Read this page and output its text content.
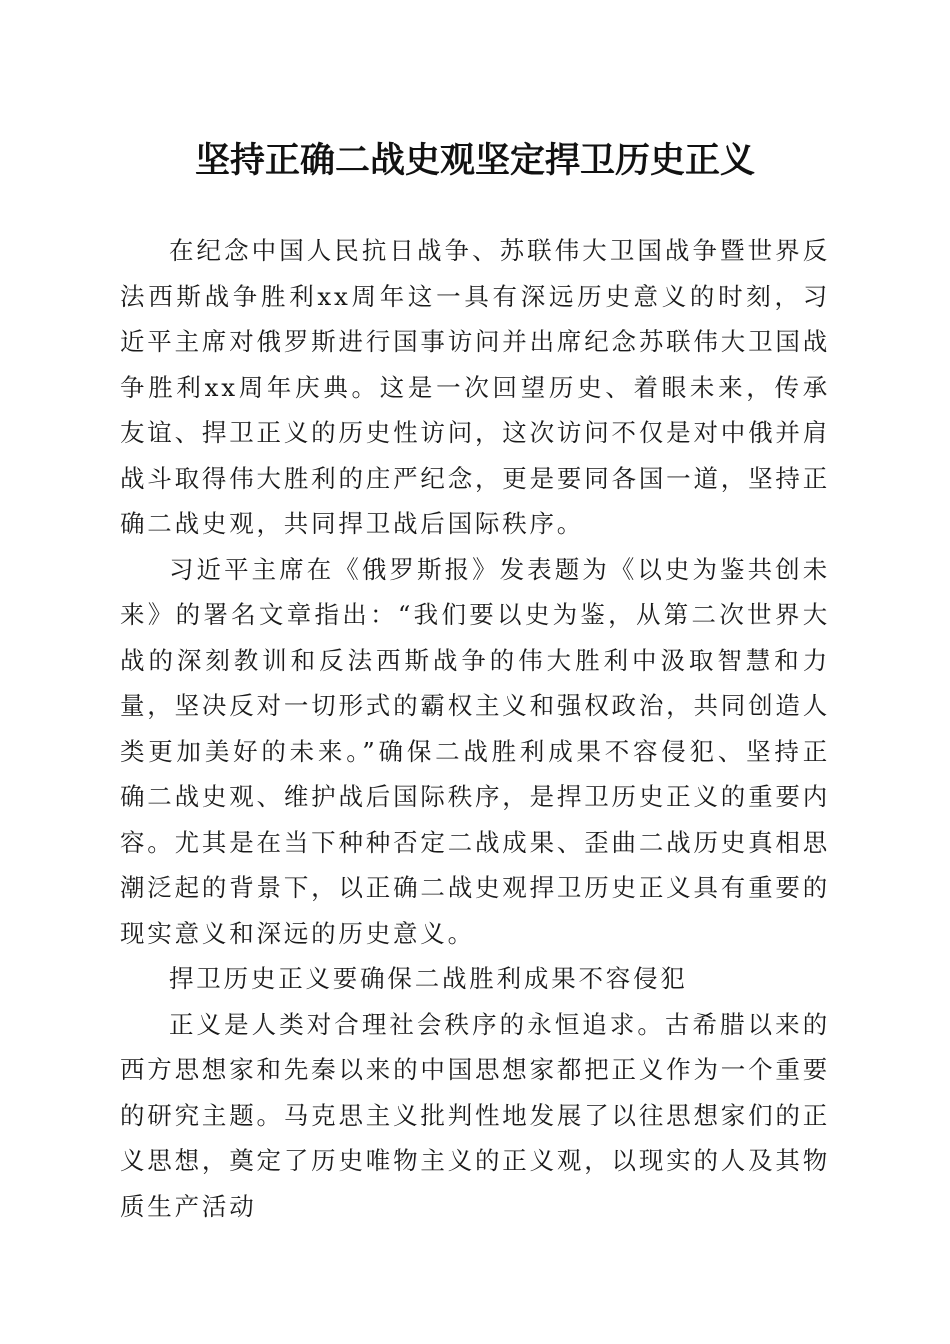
坚持正确二战史观坚定捍卫历史正义

在纪念中国人民抗日战争、苏联伟大卫国战争暨世界反法西斯战争胜利xx周年这一具有深远历史意义的时刻，习近平主席对俄罗斯进行国事访问并出席纪念苏联伟大卫国战争胜利xx周年庆典。这是一次回望历史、着眼未来，传承友谊、捍卫正义的历史性访问，这次访问不仅是对中俄并肩战斗取得伟大胜利的庄严纪念，更是要同各国一道，坚持正确二战史观，共同捍卫战后国际秩序。

习近平主席在《俄罗斯报》发表题为《以史为鉴共创未来》的署名文章指出：“我们要以史为鉴，从第二次世界大战的深刻教训和反法西斯战争的伟大胜利中汲取智慧和力量，坚决反对一切形式的霸权主义和强权政治，共同创造人类更加美好的未来。”确保二战胜利成果不容侵犯、坚持正确二战史观、维护战后国际秩序，是捍卫历史正义的重要内容。尤其是在当下种种否定二战成果、歪曲二战历史真相思潮泛起的背景下，以正确二战史观捍卫历史正义具有重要的现实意义和深远的历史意义。

捍卫历史正义要确保二战胜利成果不容侵犯

正义是人类对合理社会秩序的永恒追求。古希腊以来的西方思想家和先秦以来的中国思想家都把正义作为一个重要的研究主题。马克思主义批判性地发展了以往思想家们的正义思想，奠定了历史唯物主义的正义观，以现实的人及其物质生产活动
